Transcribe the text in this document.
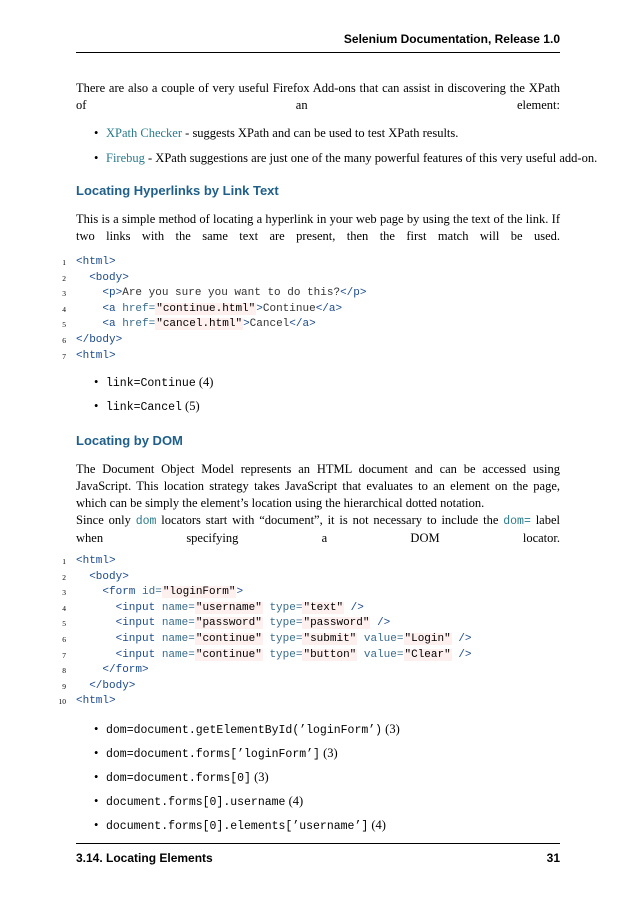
Selenium Documentation, Release 1.0
There are also a couple of very useful Firefox Add-ons that can assist in discovering the XPath of an element:
• XPath Checker - suggests XPath and can be used to test XPath results.
• Firebug - XPath suggestions are just one of the many powerful features of this very useful add-on.
Locating Hyperlinks by Link Text
This is a simple method of locating a hyperlink in your web page by using the text of the link. If two links with the same text are present, then the first match will be used.
1 <html>
2	<body>
3	<p>Are you sure you want to do this?</p>
4	<a href="continue.html">Continue</a>
5	<a href="cancel.html">Cancel</a>
6 </body>
7 <html>
• link=Continue (4)
• link=Cancel (5)
Locating by DOM
The Document Object Model represents an HTML document and can be accessed using JavaScript. This location strategy takes JavaScript that evaluates to an element on the page, which can be simply the element’s location using the hierarchical dotted notation.
Since only dom locators start with “document”, it is not necessary to include the dom= label when specifying a DOM locator.
1 <html>
2	<body>
3	<form id="loginForm">
4	<input name="username" type="text" />
5	<input name="password" type="password" />
6	<input name="continue" type="submit" value="Login" />
7	<input name="continue" type="button" value="Clear" />
8	</form>
9	</body>
10 <html>
• dom=document.getElementById(’loginForm’) (3)
• dom=document.forms[’loginForm’] (3)
• dom=document.forms[0] (3)
• document.forms[0].username (4)
• document.forms[0].elements[’username’] (4)
3.14. Locating Elements	31
